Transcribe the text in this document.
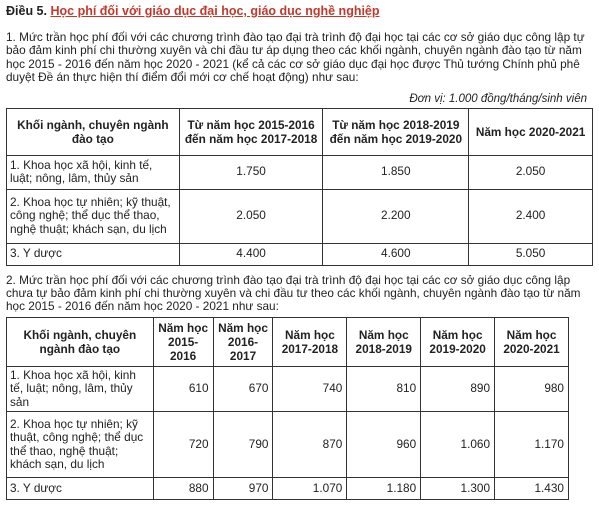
Điều 5. Học phí đối với giáo dục đại học, giáo dục nghề nghiệp

1. Mức trần học phí đối với các chương trình đào tạo đại trà trình độ đại học tại các cơ sở giáo dục công lập tự bảo đảm kinh phí chi thường xuyên và chi đầu tư áp dụng theo các khối ngành, chuyên ngành đào tạo từ năm học 2015 - 2016 đến năm học 2020 - 2021 (kể cả các cơ sở giáo dục đại học được Thủ tướng Chính phủ phê duyệt Đề án thực hiện thí điểm đổi mới cơ chế hoạt động) như sau:

Đơn vị: 1.000 đồng/tháng/sinh viên
Khối ngành, chuyên ngành đào tạo	Từ năm học 2015-2016 đến năm học 2017-2018	Từ năm học 2018-2019 đến năm học 2019-2020	Năm học 2020-2021
1. Khoa học xã hội, kinh tế, luật; nông, lâm, thủy sản	1.750	1.850	2.050
2. Khoa học tự nhiên; kỹ thuật, công nghệ; thể dục thể thao, nghệ thuật; khách sạn, du lịch	2.050	2.200	2.400
3. Y dược	4.400	4.600	5.050

2. Mức trần học phí đối với các chương trình đào tạo đại trà trình độ đại học tại các cơ sở giáo dục công lập chưa tự bảo đảm kinh phí chi thường xuyên và chi đầu tư theo các khối ngành, chuyên ngành đào tạo từ năm học 2015 - 2016 đến năm học 2020 - 2021 như sau:

Khối ngành, chuyên ngành đào tạo	Năm học 2015-2016	Năm học 2016-2017	Năm học 2017-2018	Năm học 2018-2019	Năm học 2019-2020	Năm học 2020-2021
1. Khoa học xã hội, kinh tế, luật; nông, lâm, thủy sản	610	670	740	810	890	980
2. Khoa học tự nhiên; kỹ thuật, công nghệ; thể dục thể thao, nghệ thuật; khách sạn, du lịch	720	790	870	960	1.060	1.170
3. Y dược	880	970	1.070	1.180	1.300	1.430
